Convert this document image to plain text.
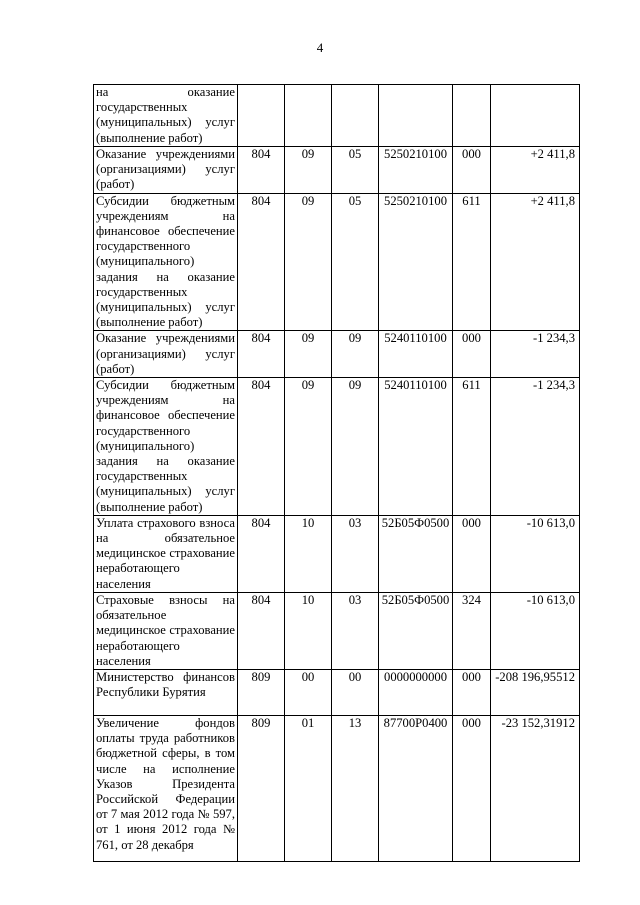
4
на оказание государственных (муниципальных) услуг (выполнение работ)						
Оказание учреждениями (организациями) услуг (работ)	804	09	05	5250210100	000	+2 411,8
Субсидии бюджетным учреждениям на финансовое обеспечение государственного (муниципального) задания на оказание государственных (муниципальных) услуг (выполнение работ)	804	09	05	5250210100	611	+2 411,8
Оказание учреждениями (организациями) услуг (работ)	804	09	09	5240110100	000	-1 234,3
Субсидии бюджетным учреждениям на финансовое обеспечение государственного (муниципального) задания на оказание государственных (муниципальных) услуг (выполнение работ)	804	09	09	5240110100	611	-1 234,3
Уплата страхового взноса на обязательное медицинское страхование неработающего населения	804	10	03	52Б05Ф0500	000	-10 613,0
Страховые взносы на обязательное медицинское страхование неработающего населения	804	10	03	52Б05Ф0500	324	-10 613,0
Министерство финансов Республики Бурятия	809	00	00	0000000000	000	-208 196,95512
Увеличение фондов оплаты труда работников бюджетной сферы, в том числе на исполнение Указов Президента Российской Федерации от 7 мая 2012 года № 597, от 1 июня 2012 года № 761, от 28 декабря	809	01	13	87700Р0400	000	-23 152,31912
